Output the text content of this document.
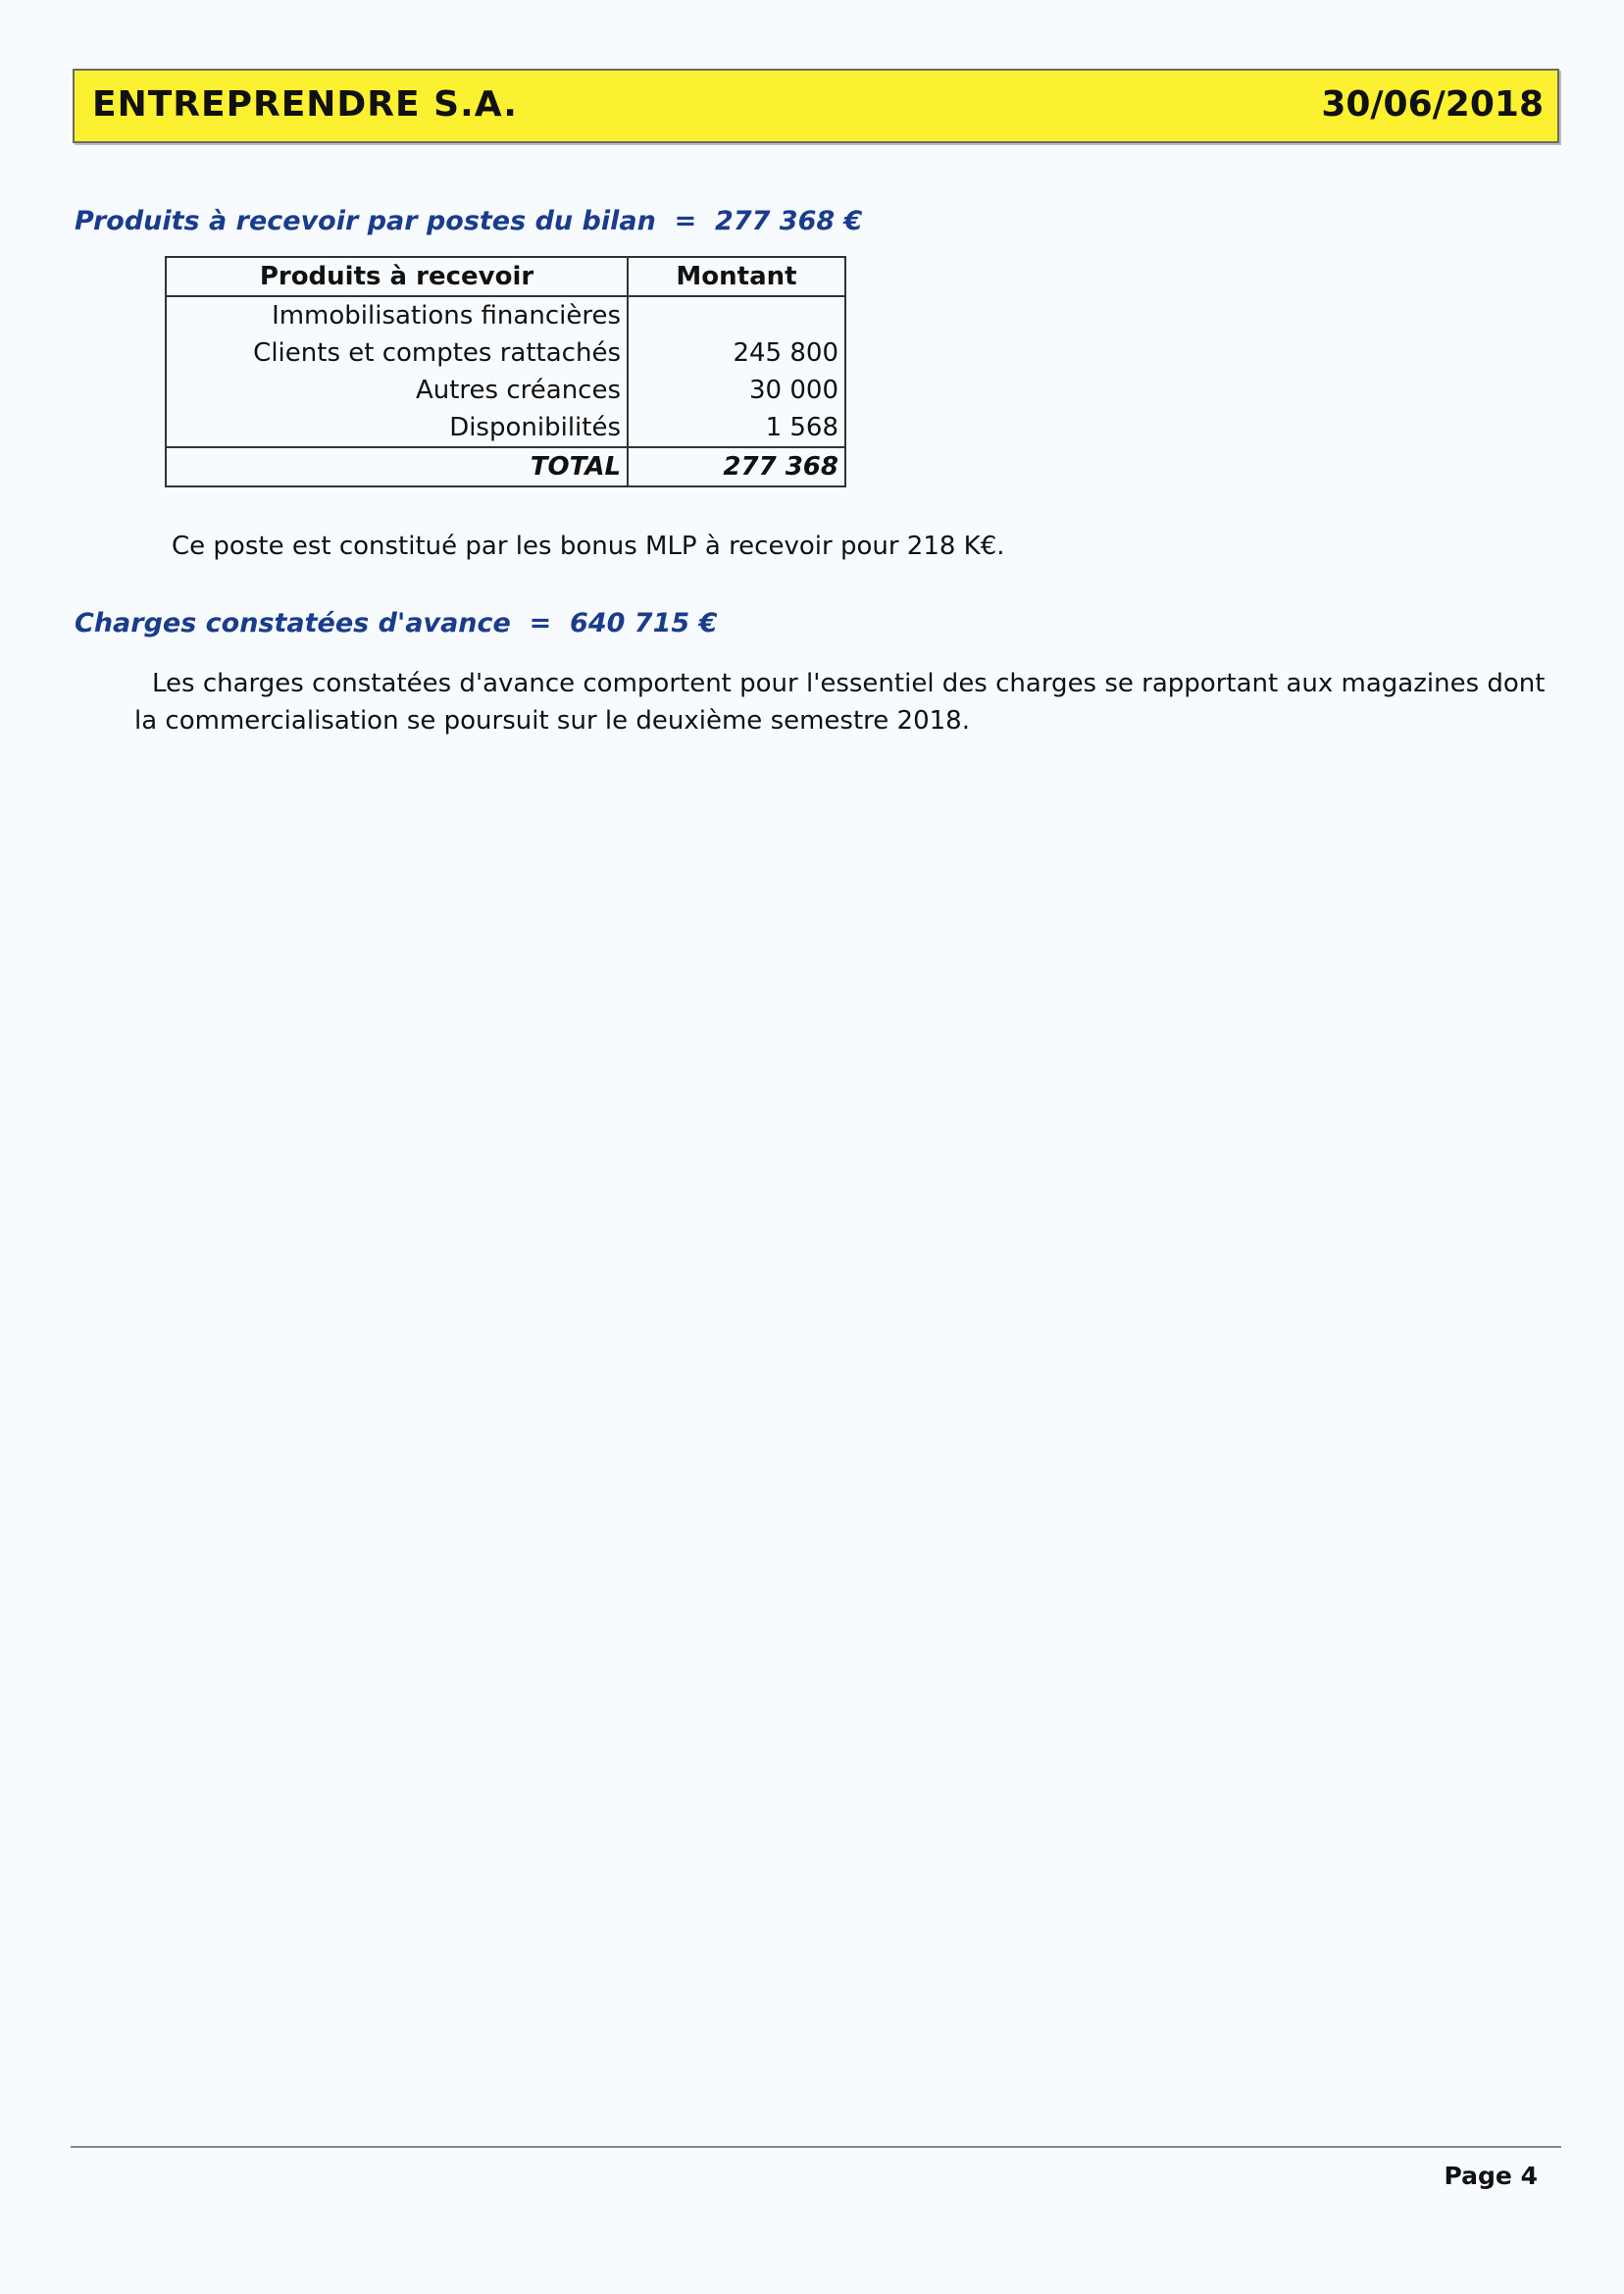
ENTREPRENDRE S.A.	30/06/2018
Produits à recevoir par postes du bilan  =  277 368 €
Produits à recevoir	Montant
Immobilisations financières	
Clients et comptes rattachés	245 800
Autres créances	30 000
Disponibilités	1 568
TOTAL	277 368
Ce poste est constitué par les bonus MLP à recevoir pour 218 K€.
Charges constatées d'avance  =  640 715 €
Les charges constatées d'avance comportent pour l'essentiel des charges se rapportant aux magazines dont la commercialisation se poursuit sur le deuxième semestre 2018.
Page 4
